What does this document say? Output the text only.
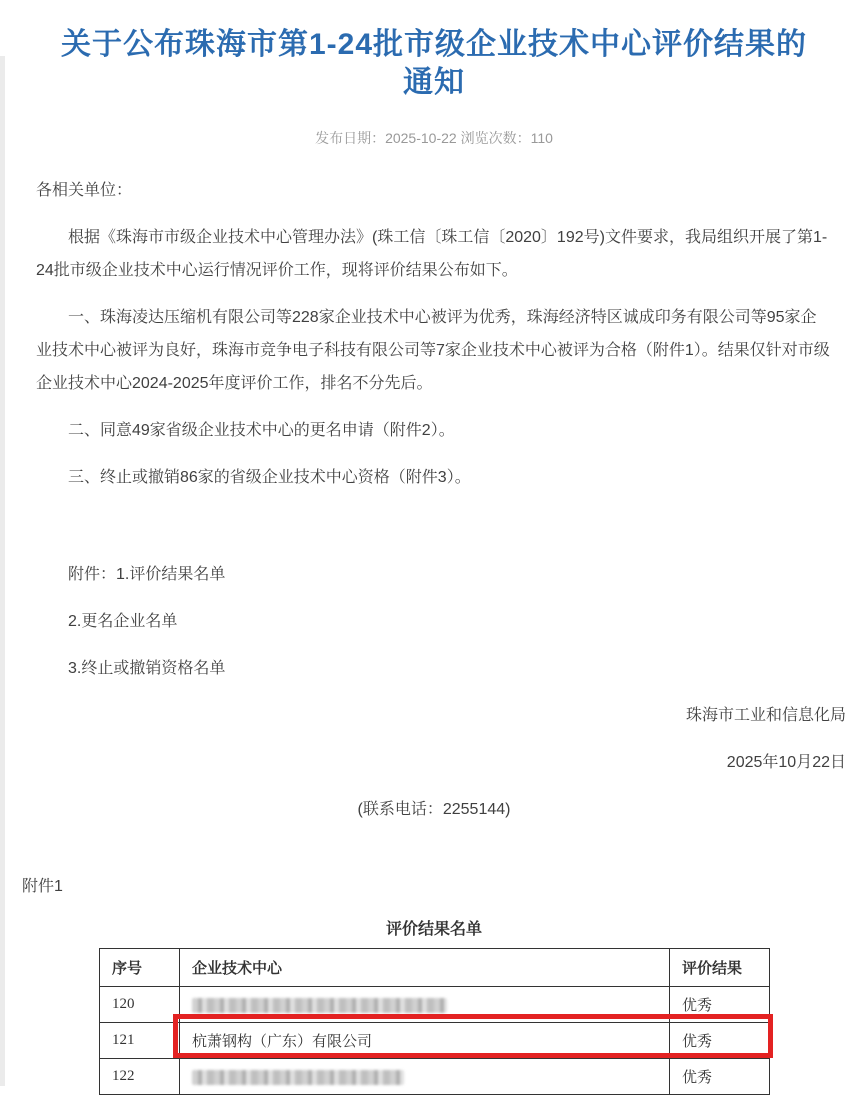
关于公布珠海市第1-24批市级企业技术中心评价结果的通知
发布日期：2025-10-22 浏览次数：110

各相关单位：

根据《珠海市市级企业技术中心管理办法》(珠工信〔珠工信〔2020〕192号)文件要求，我局组织开展了第1-24批市级企业技术中心运行情况评价工作，现将评价结果公布如下。

一、珠海凌达压缩机有限公司等228家企业技术中心被评为优秀，珠海经济特区诚成印务有限公司等95家企业技术中心被评为良好，珠海市竞争电子科技有限公司等7家企业技术中心被评为合格（附件1）。结果仅针对市级企业技术中心2024-2025年度评价工作，排名不分先后。

二、同意49家省级企业技术中心的更名申请（附件2）。

三、终止或撤销86家的省级企业技术中心资格（附件3）。

附件：1.评价结果名单

2.更名企业名单

3.终止或撤销资格名单

珠海市工业和信息化局

2025年10月22日

(联系电话：2255144)

附件1
评价结果名单
序号	企业技术中心	评价结果
120		优秀
121	杭萧钢构（广东）有限公司	优秀
122		优秀
